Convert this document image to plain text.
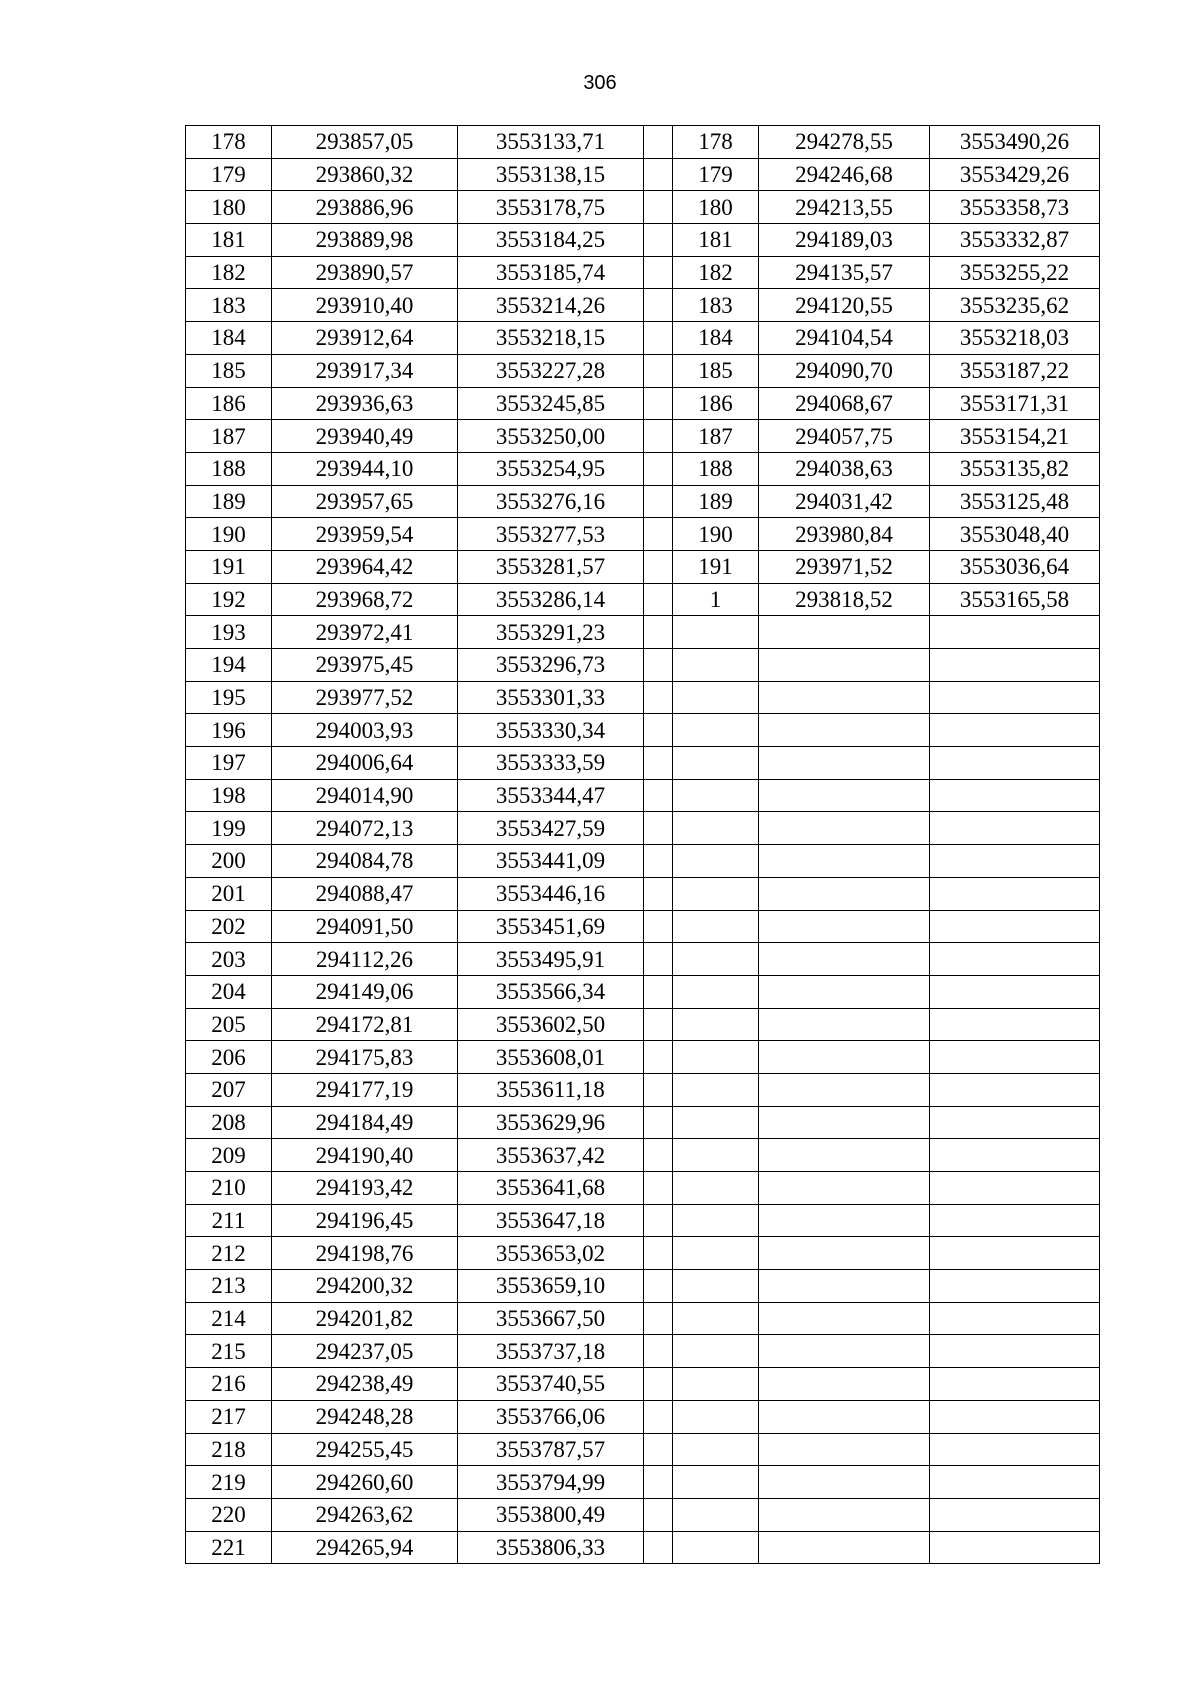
306
178	293857,05	3553133,71		178	294278,55	3553490,26
179	293860,32	3553138,15		179	294246,68	3553429,26
180	293886,96	3553178,75		180	294213,55	3553358,73
181	293889,98	3553184,25		181	294189,03	3553332,87
182	293890,57	3553185,74		182	294135,57	3553255,22
183	293910,40	3553214,26		183	294120,55	3553235,62
184	293912,64	3553218,15		184	294104,54	3553218,03
185	293917,34	3553227,28		185	294090,70	3553187,22
186	293936,63	3553245,85		186	294068,67	3553171,31
187	293940,49	3553250,00		187	294057,75	3553154,21
188	293944,10	3553254,95		188	294038,63	3553135,82
189	293957,65	3553276,16		189	294031,42	3553125,48
190	293959,54	3553277,53		190	293980,84	3553048,40
191	293964,42	3553281,57		191	293971,52	3553036,64
192	293968,72	3553286,14		1	293818,52	3553165,58
193	293972,41	3553291,23				
194	293975,45	3553296,73				
195	293977,52	3553301,33				
196	294003,93	3553330,34				
197	294006,64	3553333,59				
198	294014,90	3553344,47				
199	294072,13	3553427,59				
200	294084,78	3553441,09				
201	294088,47	3553446,16				
202	294091,50	3553451,69				
203	294112,26	3553495,91				
204	294149,06	3553566,34				
205	294172,81	3553602,50				
206	294175,83	3553608,01				
207	294177,19	3553611,18				
208	294184,49	3553629,96				
209	294190,40	3553637,42				
210	294193,42	3553641,68				
211	294196,45	3553647,18				
212	294198,76	3553653,02				
213	294200,32	3553659,10				
214	294201,82	3553667,50				
215	294237,05	3553737,18				
216	294238,49	3553740,55				
217	294248,28	3553766,06				
218	294255,45	3553787,57				
219	294260,60	3553794,99				
220	294263,62	3553800,49				
221	294265,94	3553806,33				
